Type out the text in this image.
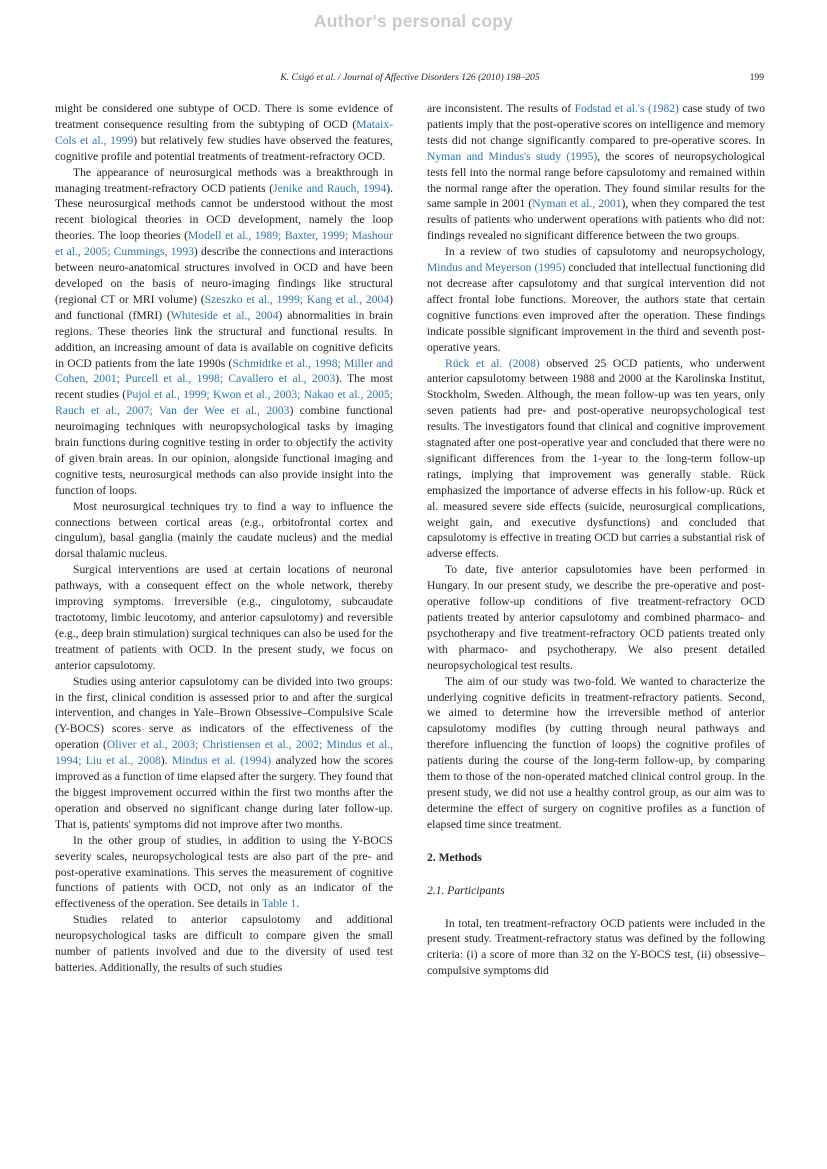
Author's personal copy
K. Csigó et al. / Journal of Affective Disorders 126 (2010) 198–205	199

might be considered one subtype of OCD. There is some evidence of treatment consequence resulting from the subtyping of OCD (Mataix-Cols et al., 1999) but relatively few studies have observed the features, cognitive profile and potential treatments of treatment-refractory OCD.

The appearance of neurosurgical methods was a breakthrough in managing treatment-refractory OCD patients (Jenike and Rauch, 1994). These neurosurgical methods cannot be understood without the most recent biological theories in OCD development, namely the loop theories. The loop theories (Modell et al., 1989; Baxter, 1999; Mashour et al., 2005; Cummings, 1993) describe the connections and interactions between neuro-anatomical structures involved in OCD and have been developed on the basis of neuro-imaging findings like structural (regional CT or MRI volume) (Szeszko et al., 1999; Kang et al., 2004) and functional (fMRI) (Whiteside et al., 2004) abnormalities in brain regions. These theories link the structural and functional results. In addition, an increasing amount of data is available on cognitive deficits in OCD patients from the late 1990s (Schmidtke et al., 1998; Miller and Cohen, 2001; Purcell et al., 1998; Cavallero et al., 2003). The most recent studies (Pujol et al., 1999; Kwon et al., 2003; Nakao et al., 2005; Rauch et al., 2007; Van der Wee et al., 2003) combine functional neuroimaging techniques with neuropsychological tasks by imaging brain functions during cognitive testing in order to objectify the activity of given brain areas. In our opinion, alongside functional imaging and cognitive tests, neurosurgical methods can also provide insight into the function of loops.

Most neurosurgical techniques try to find a way to influence the connections between cortical areas (e.g., orbitofrontal cortex and cingulum), basal ganglia (mainly the caudate nucleus) and the medial dorsal thalamic nucleus.

Surgical interventions are used at certain locations of neuronal pathways, with a consequent effect on the whole network, thereby improving symptoms. Irreversible (e.g., cingulotomy, subcaudate tractotomy, limbic leucotomy, and anterior capsulotomy) and reversible (e.g., deep brain stimulation) surgical techniques can also be used for the treatment of patients with OCD. In the present study, we focus on anterior capsulotomy.

Studies using anterior capsulotomy can be divided into two groups: in the first, clinical condition is assessed prior to and after the surgical intervention, and changes in Yale–Brown Obsessive–Compulsive Scale (Y-BOCS) scores serve as indicators of the effectiveness of the operation (Oliver et al., 2003; Christiensen et al., 2002; Mindus et al., 1994; Liu et al., 2008). Mindus et al. (1994) analyzed how the scores improved as a function of time elapsed after the surgery. They found that the biggest improvement occurred within the first two months after the operation and observed no significant change during later follow-up. That is, patients' symptoms did not improve after two months.

In the other group of studies, in addition to using the Y-BOCS severity scales, neuropsychological tests are also part of the pre- and post-operative examinations. This serves the measurement of cognitive functions of patients with OCD, not only as an indicator of the effectiveness of the operation. See details in Table 1.

Studies related to anterior capsulotomy and additional neuropsychological tasks are difficult to compare given the small number of patients involved and due to the diversity of used test batteries. Additionally, the results of such studies

are inconsistent. The results of Fodstad et al.'s (1982) case study of two patients imply that the post-operative scores on intelligence and memory tests did not change significantly compared to pre-operative scores. In Nyman and Mindus's study (1995), the scores of neuropsychological tests fell into the normal range before capsulotomy and remained within the normal range after the operation. They found similar results for the same sample in 2001 (Nyman et al., 2001), when they compared the test results of patients who underwent operations with patients who did not: findings revealed no significant difference between the two groups.

In a review of two studies of capsulotomy and neuropsychology, Mindus and Meyerson (1995) concluded that intellectual functioning did not decrease after capsulotomy and that surgical intervention did not affect frontal lobe functions. Moreover, the authors state that certain cognitive functions even improved after the operation. These findings indicate possible significant improvement in the third and seventh post-operative years.

Rück et al. (2008) observed 25 OCD patients, who underwent anterior capsulotomy between 1988 and 2000 at the Karolinska Institut, Stockholm, Sweden. Although, the mean follow-up was ten years, only seven patients had pre- and post-operative neuropsychological test results. The investigators found that clinical and cognitive improvement stagnated after one post-operative year and concluded that there were no significant differences from the 1-year to the long-term follow-up ratings, implying that improvement was generally stable. Rück emphasized the importance of adverse effects in his follow-up. Rück et al. measured severe side effects (suicide, neurosurgical complications, weight gain, and executive dysfunctions) and concluded that capsulotomy is effective in treating OCD but carries a substantial risk of adverse effects.

To date, five anterior capsulotomies have been performed in Hungary. In our present study, we describe the pre-operative and post-operative follow-up conditions of five treatment-refractory OCD patients treated by anterior capsulotomy and combined pharmaco- and psychotherapy and five treatment-refractory OCD patients treated only with pharmaco- and psychotherapy. We also present detailed neuropsychological test results.

The aim of our study was two-fold. We wanted to characterize the underlying cognitive deficits in treatment-refractory patients. Second, we aimed to determine how the irreversible method of anterior capsulotomy modifies (by cutting through neural pathways and therefore influencing the function of loops) the cognitive profiles of patients during the course of the long-term follow-up, by comparing them to those of the non-operated matched clinical control group. In the present study, we did not use a healthy control group, as our aim was to determine the effect of surgery on cognitive profiles as a function of elapsed time since treatment.

2. Methods
2.1. Participants

In total, ten treatment-refractory OCD patients were included in the present study. Treatment-refractory status was defined by the following criteria: (i) a score of more than 32 on the Y-BOCS test, (ii) obsessive–compulsive symptoms did
